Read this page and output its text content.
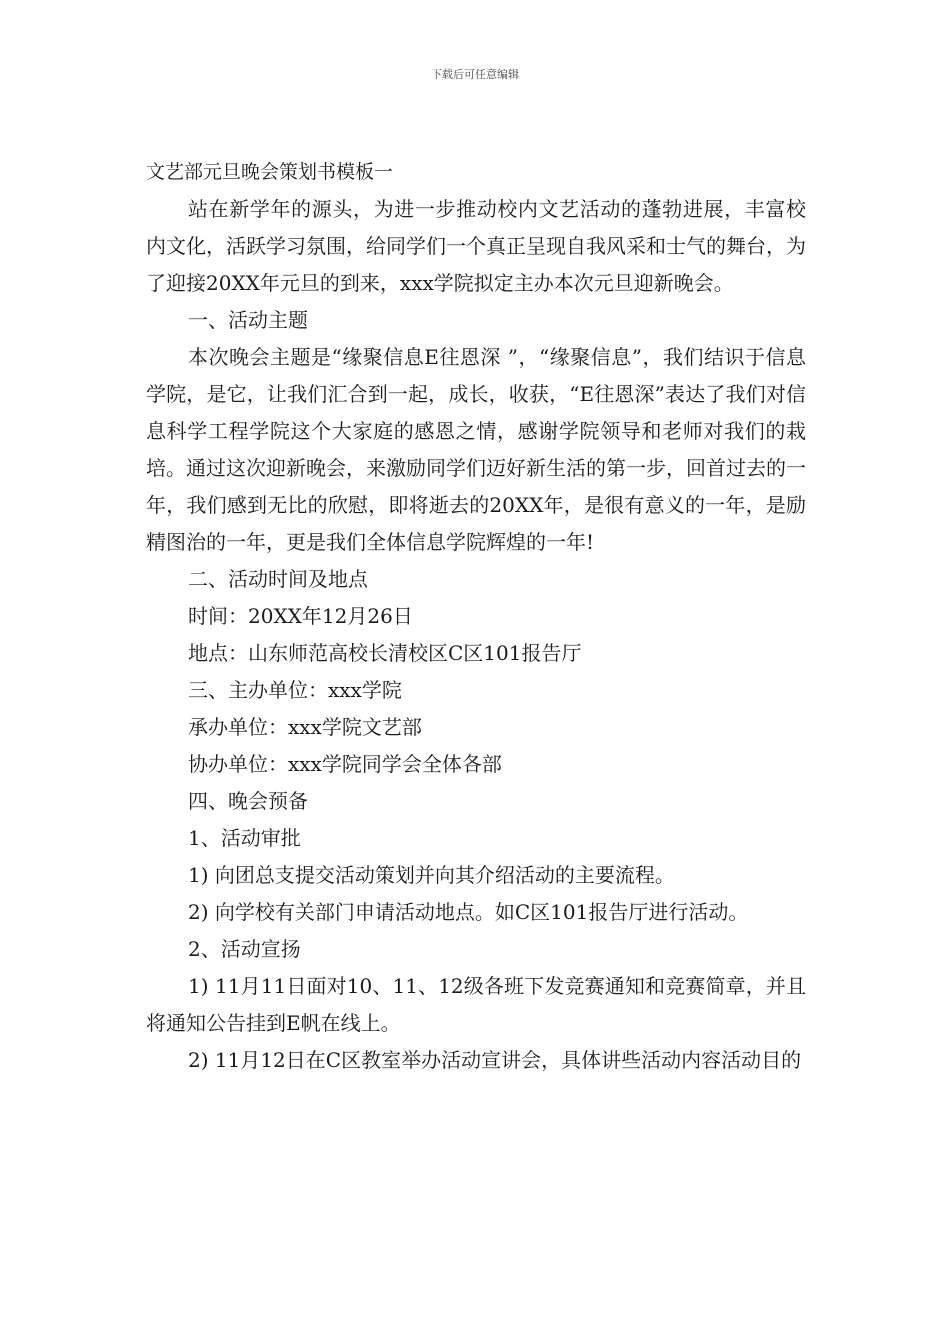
下载后可任意编辑

文艺部元旦晚会策划书模板一

站在新学年的源头，为进一步推动校内文艺活动的蓬勃进展，丰富校内文化，活跃学习氛围，给同学们一个真正呈现自我风采和士气的舞台，为了迎接20XX年元旦的到来，xxx学院拟定主办本次元旦迎新晚会。

一、活动主题

本次晚会主题是“缘聚信息E往恩深 ”，“缘聚信息”，我们结识于信息学院，是它，让我们汇合到一起，成长，收获，“E往恩深”表达了我们对信息科学工程学院这个大家庭的感恩之情，感谢学院领导和老师对我们的栽培。通过这次迎新晚会，来激励同学们迈好新生活的第一步，回首过去的一年，我们感到无比的欣慰，即将逝去的20XX年，是很有意义的一年，是励精图治的一年，更是我们全体信息学院辉煌的一年!

二、活动时间及地点

时间：20XX年12月26日

地点：山东师范高校长清校区C区101报告厅

三、主办单位：xxx学院

承办单位：xxx学院文艺部

协办单位：xxx学院同学会全体各部

四、晚会预备

1、活动审批

1) 向团总支提交活动策划并向其介绍活动的主要流程。

2) 向学校有关部门申请活动地点。如C区101报告厅进行活动。

2、活动宣扬

1) 11月11日面对10、11、12级各班下发竞赛通知和竞赛简章，并且将通知公告挂到E帆在线上。

2) 11月12日在C区教室举办活动宣讲会，具体讲些活动内容活动目的
